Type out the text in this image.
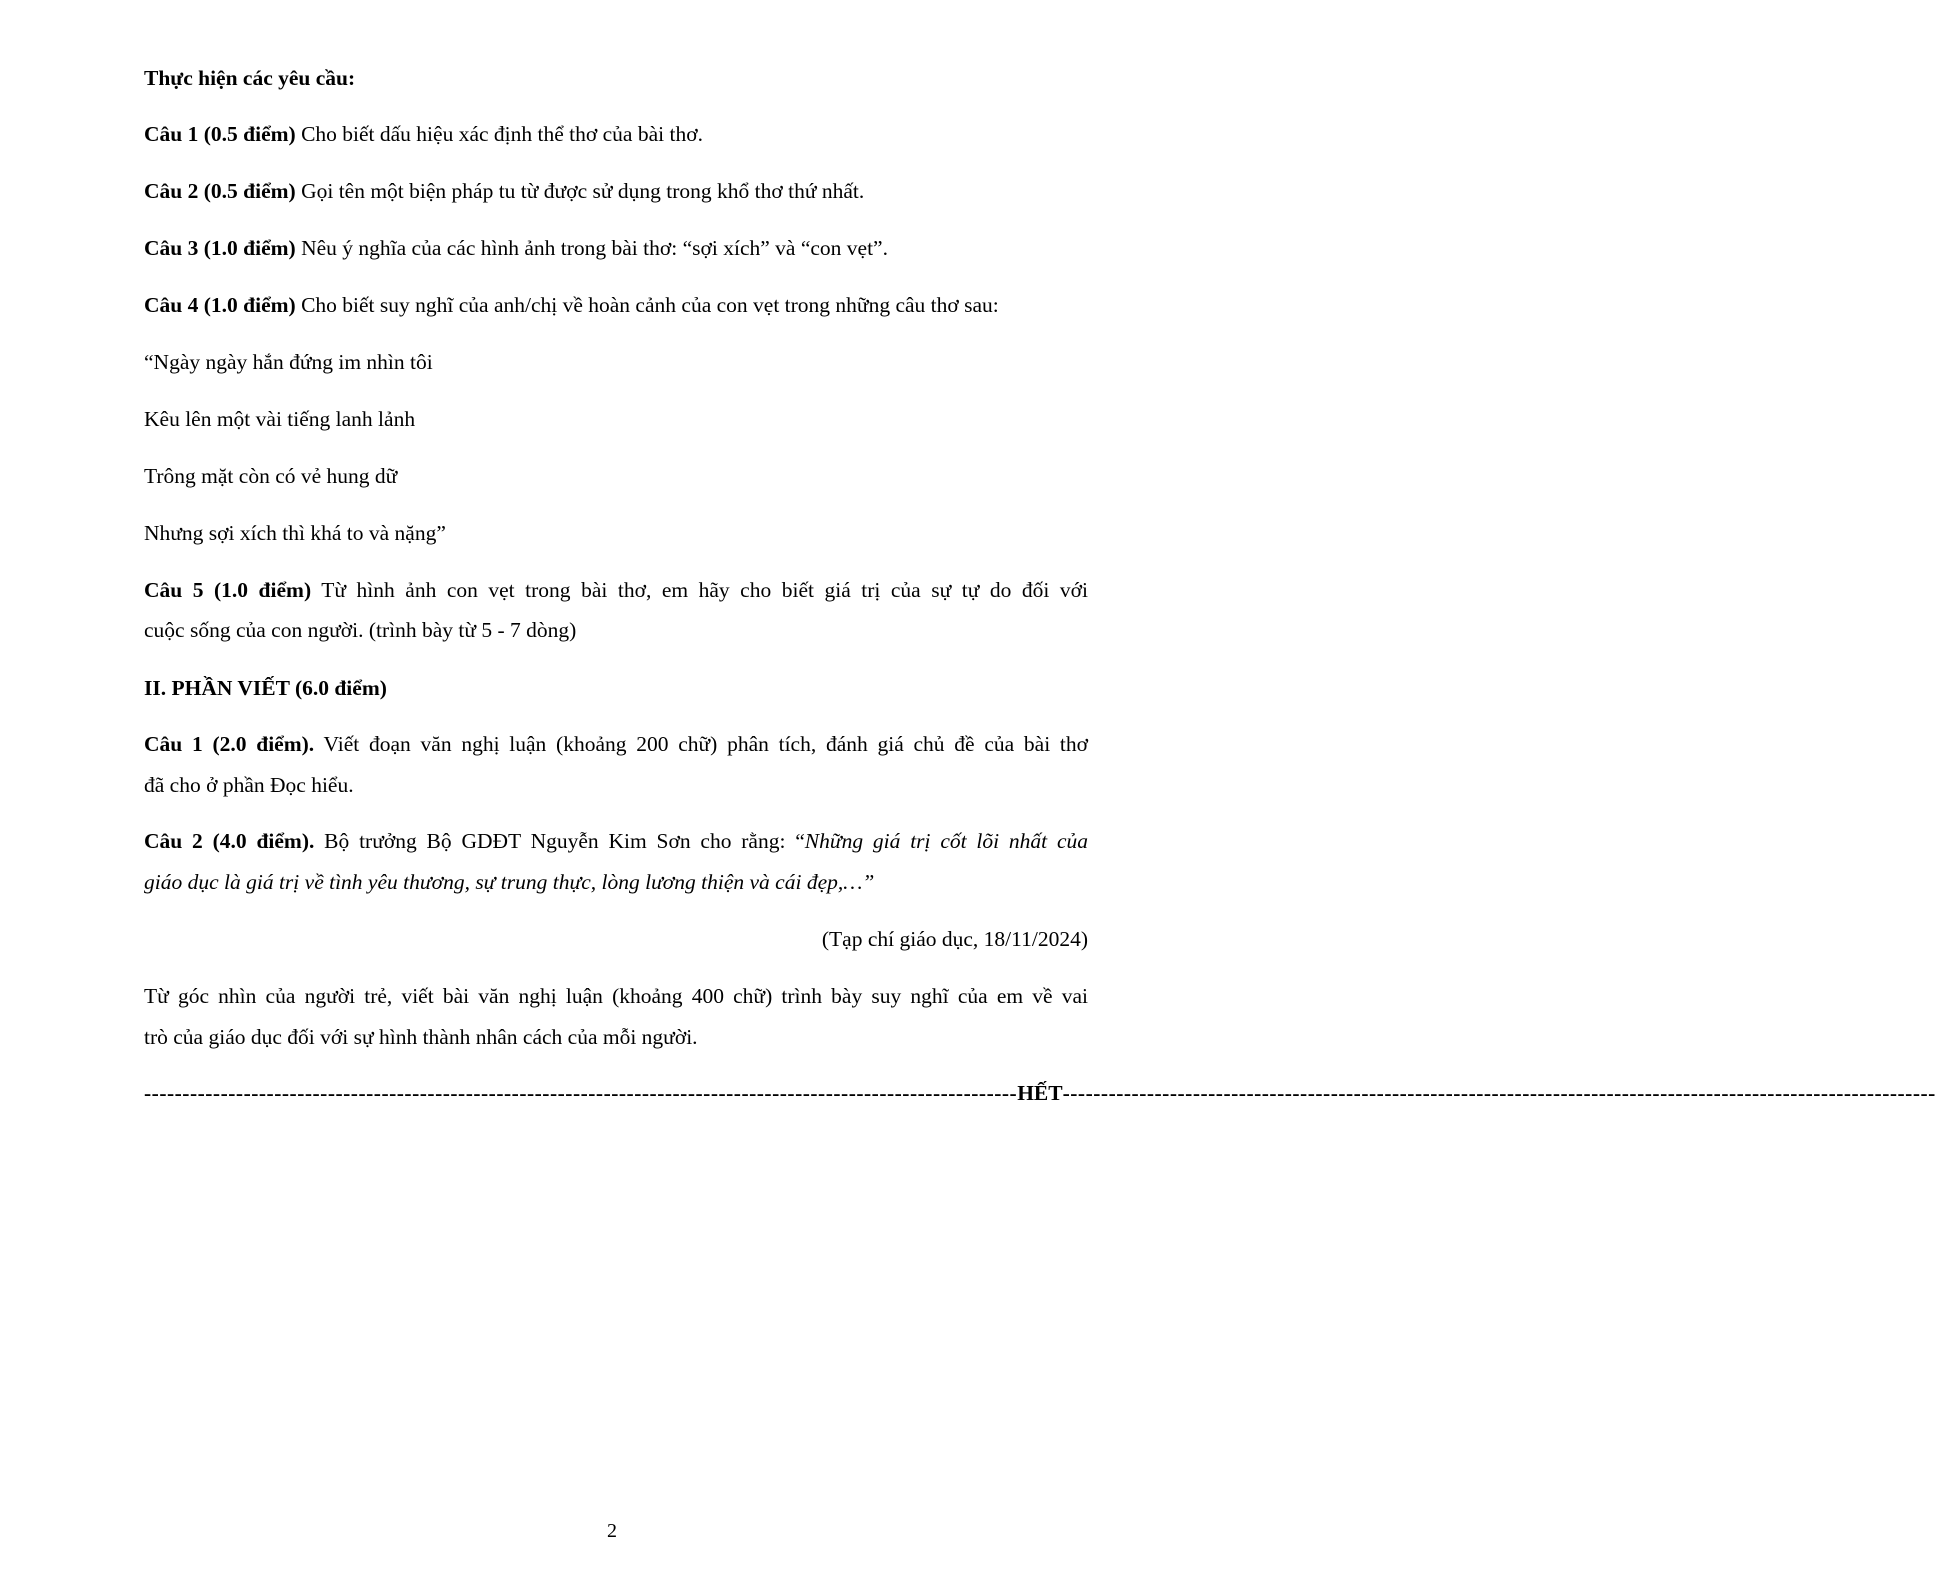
Thực hiện các yêu cầu:
Câu 1 (0.5 điểm) Cho biết dấu hiệu xác định thể thơ của bài thơ.
Câu 2 (0.5 điểm) Gọi tên một biện pháp tu từ được sử dụng trong khổ thơ thứ nhất.
Câu 3 (1.0 điểm) Nêu ý nghĩa của các hình ảnh trong bài thơ: “sợi xích” và “con vẹt”.
Câu 4 (1.0 điểm) Cho biết suy nghĩ của anh/chị về hoàn cảnh của con vẹt trong những câu thơ sau:
“Ngày ngày hắn đứng im nhìn tôi
Kêu lên một vài tiếng lanh lảnh
Trông mặt còn có vẻ hung dữ
Nhưng sợi xích thì khá to và nặng”
Câu 5 (1.0 điểm) Từ hình ảnh con vẹt trong bài thơ, em hãy cho biết giá trị của sự tự do đối với
cuộc sống của con người. (trình bày từ 5 - 7 dòng)
II. PHẦN VIẾT (6.0 điểm)
Câu 1 (2.0 điểm). Viết đoạn văn nghị luận (khoảng 200 chữ) phân tích, đánh giá chủ đề của bài thơ
đã cho ở phần Đọc hiểu.
Câu 2 (4.0 điểm). Bộ trưởng Bộ GDĐT Nguyễn Kim Sơn cho rằng: “Những giá trị cốt lõi nhất của
giáo dục là giá trị về tình yêu thương, sự trung thực, lòng lương thiện và cái đẹp,…”
(Tạp chí giáo dục, 18/11/2024)
Từ góc nhìn của người trẻ, viết bài văn nghị luận (khoảng 400 chữ) trình bày suy nghĩ của em về vai
trò của giáo dục đối với sự hình thành nhân cách của mỗi người.
------------------------------------------------------------------------------------------------------------------ HẾT ------------------------------------------------------------------------------------------------------------------
2
